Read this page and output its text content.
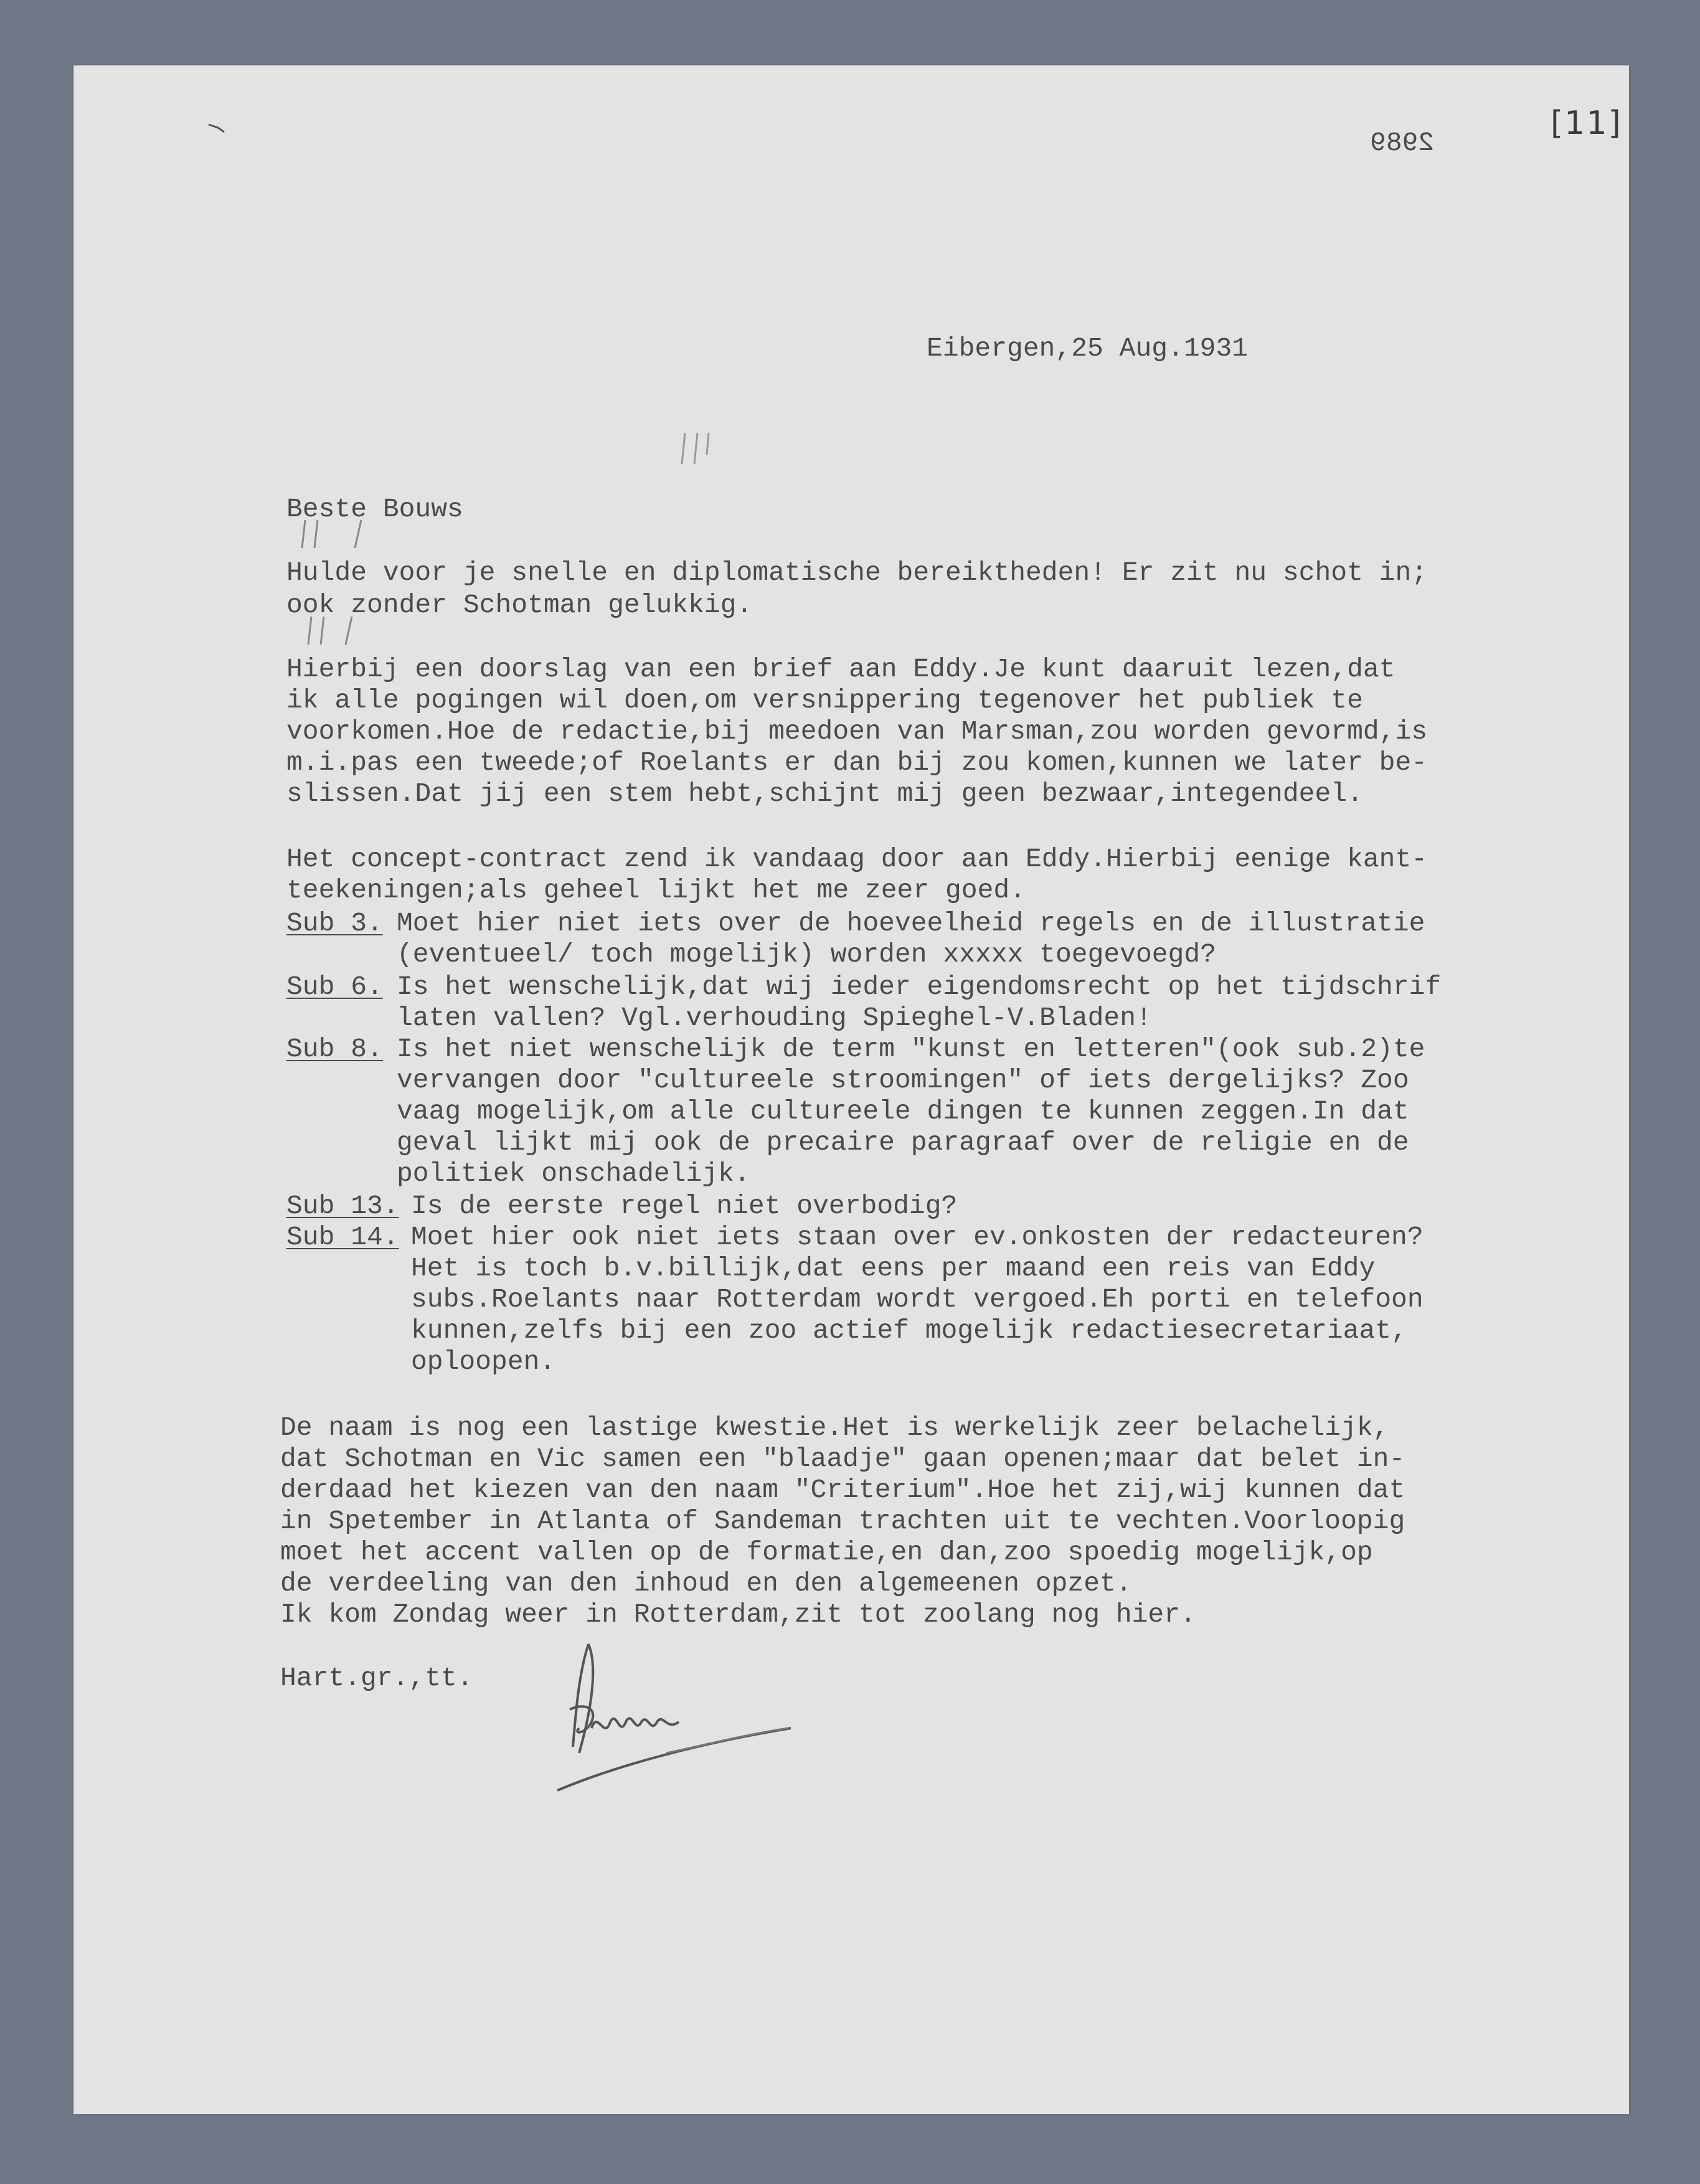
[11]
2989
Eibergen,25 Aug.1931
Beste Bouws
Hulde voor je snelle en diplomatische bereiktheden! Er zit nu schot in;
ook zonder Schotman gelukkig.
Hierbij een doorslag van een brief aan Eddy.Je kunt daaruit lezen,dat
ik alle pogingen wil doen,om versnippering tegenover het publiek te
voorkomen.Hoe de redactie,bij meedoen van Marsman,zou worden gevormd,is
m.i.pas een tweede;of Roelants er dan bij zou komen,kunnen we later be-
slissen.Dat jij een stem hebt,schijnt mij geen bezwaar,integendeel.
Het concept-contract zend ik vandaag door aan Eddy.Hierbij eenige kant-
teekeningen;als geheel lijkt het me zeer goed.
Sub 3. Moet hier niet iets over de hoeveelheid regels en de illustratie
(eventueel/ toch mogelijk) worden xxxxx toegevoegd?
Sub 6. Is het wenschelijk,dat wij ieder eigendomsrecht op het tijdschrif
laten vallen? Vgl.verhouding Spieghel-V.Bladen!
Sub 8. Is het niet wenschelijk de term "kunst en letteren"(ook sub.2)te
vervangen door "cultureele stroomingen" of iets dergelijks? Zoo
vaag mogelijk,om alle cultureele dingen te kunnen zeggen.In dat
geval lijkt mij ook de precaire paragraaf over de religie en de
politiek onschadelijk.
Sub 13. Is de eerste regel niet overbodig?
Sub 14. Moet hier ook niet iets staan over ev.onkosten der redacteuren?
Het is toch b.v.billijk,dat eens per maand een reis van Eddy
subs.Roelants naar Rotterdam wordt vergoed.Eh porti en telefoon
kunnen,zelfs bij een zoo actief mogelijk redactiesecretariaat,
oploopen.
De naam is nog een lastige kwestie.Het is werkelijk zeer belachelijk,
dat Schotman en Vic samen een "blaadje" gaan openen;maar dat belet in-
derdaad het kiezen van den naam "Criterium".Hoe het zij,wij kunnen dat
in Spetember in Atlanta of Sandeman trachten uit te vechten.Voorloopig
moet het accent vallen op de formatie,en dan,zoo spoedig mogelijk,op
de verdeeling van den inhoud en den algemeenen opzet.
Ik kom Zondag weer in Rotterdam,zit tot zoolang nog hier.
Hart.gr.,tt.
